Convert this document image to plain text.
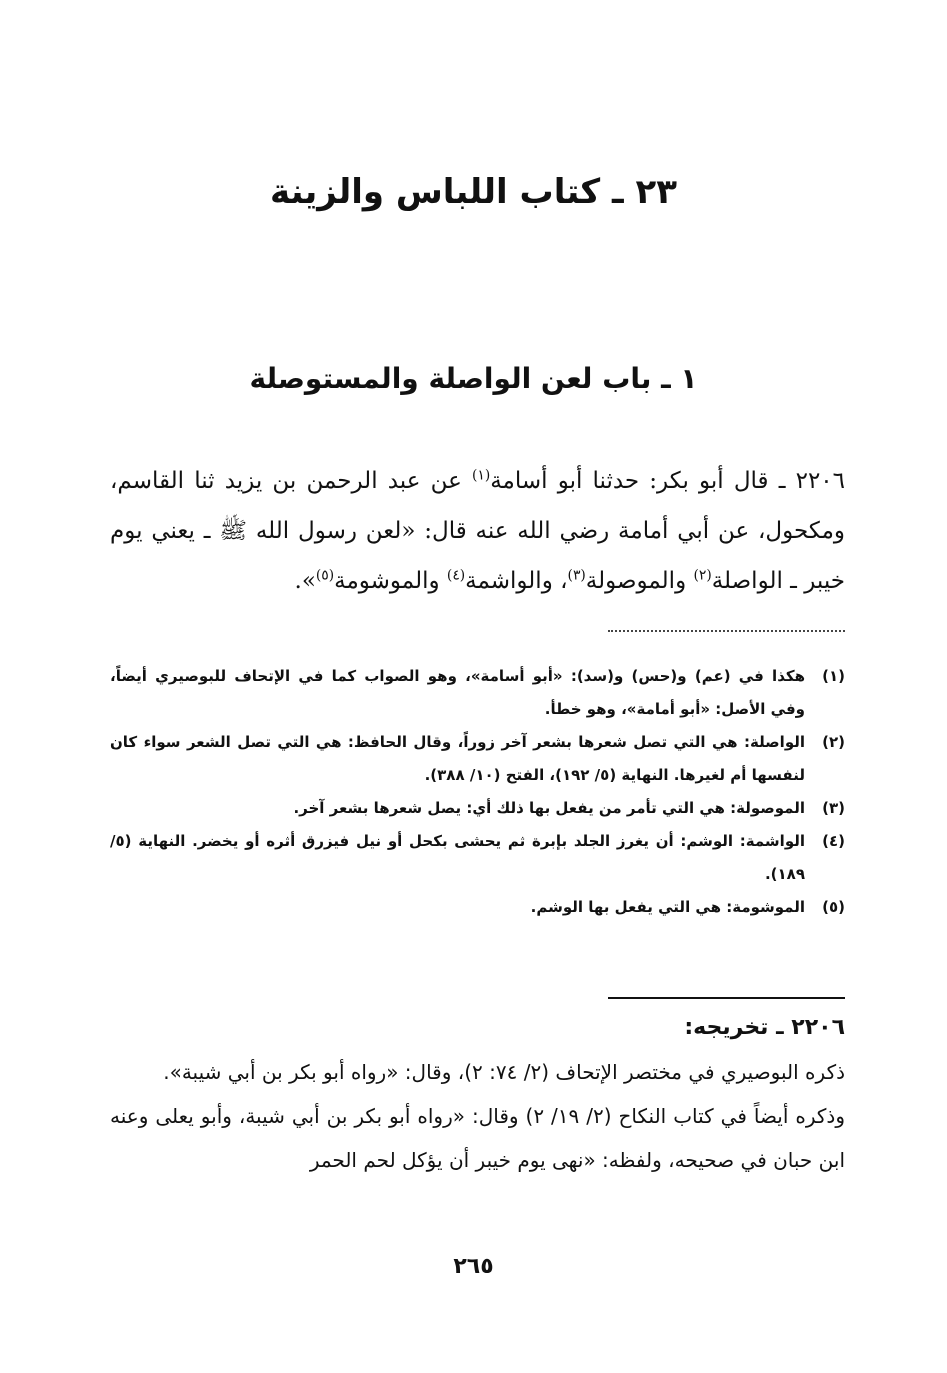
٢٣ ـ كتاب اللباس والزينة
١ ـ باب لعن الواصلة والمستوصلة
٢٢٠٦ ـ قال أبو بكر: حدثنا أبو أسامة$^{(١)}$ عن عبد الرحمن بن يزيد ثنا القاسم، ومكحول، عن أبي أمامة رضي الله عنه قال: «لعن رسول الله ﷺ ـ يعني يوم خيبر ـ الواصلة$^{(٢)}$ والموصولة$^{(٣)}$، والواشمة$^{(٤)}$ والموشومة$^{(٥)}$».
(١)
هكذا في (عم) و(حس) و(سد): «أبو أسامة»، وهو الصواب كما في الإتحاف للبوصيري أيضاً، وفي الأصل: «أبو أمامة»، وهو خطأ.
(٢)
الواصلة: هي التي تصل شعرها بشعر آخر زوراً، وقال الحافظ: هي التي تصل الشعر سواء كان لنفسها أم لغيرها. النهاية (٥/ ١٩٢)، الفتح (١٠/ ٣٨٨).
(٣)
الموصولة: هي التي تأمر من يفعل بها ذلك أي: يصل شعرها بشعر آخر.
(٤)
الواشمة: الوشم: أن يغرز الجلد بإبرة ثم يحشى بكحل أو نيل فيزرق أثره أو يخضر. النهاية (٥/ ١٨٩).
(٥)
الموشومة: هي التي يفعل بها الوشم.
٢٢٠٦ ـ تخريجه:

ذكره البوصيري في مختصر الإتحاف (٢/ ٧٤: ٢)، وقال: «رواه أبو بكر بن أبي شيبة».

وذكره أيضاً في كتاب النكاح (٢/ ١٩/ ٢) وقال: «رواه أبو بكر بن أبي شيبة، وأبو يعلى وعنه ابن حبان في صحيحه، ولفظه: «نهى يوم خيبر أن يؤكل لحم الحمر

٢٦٥
